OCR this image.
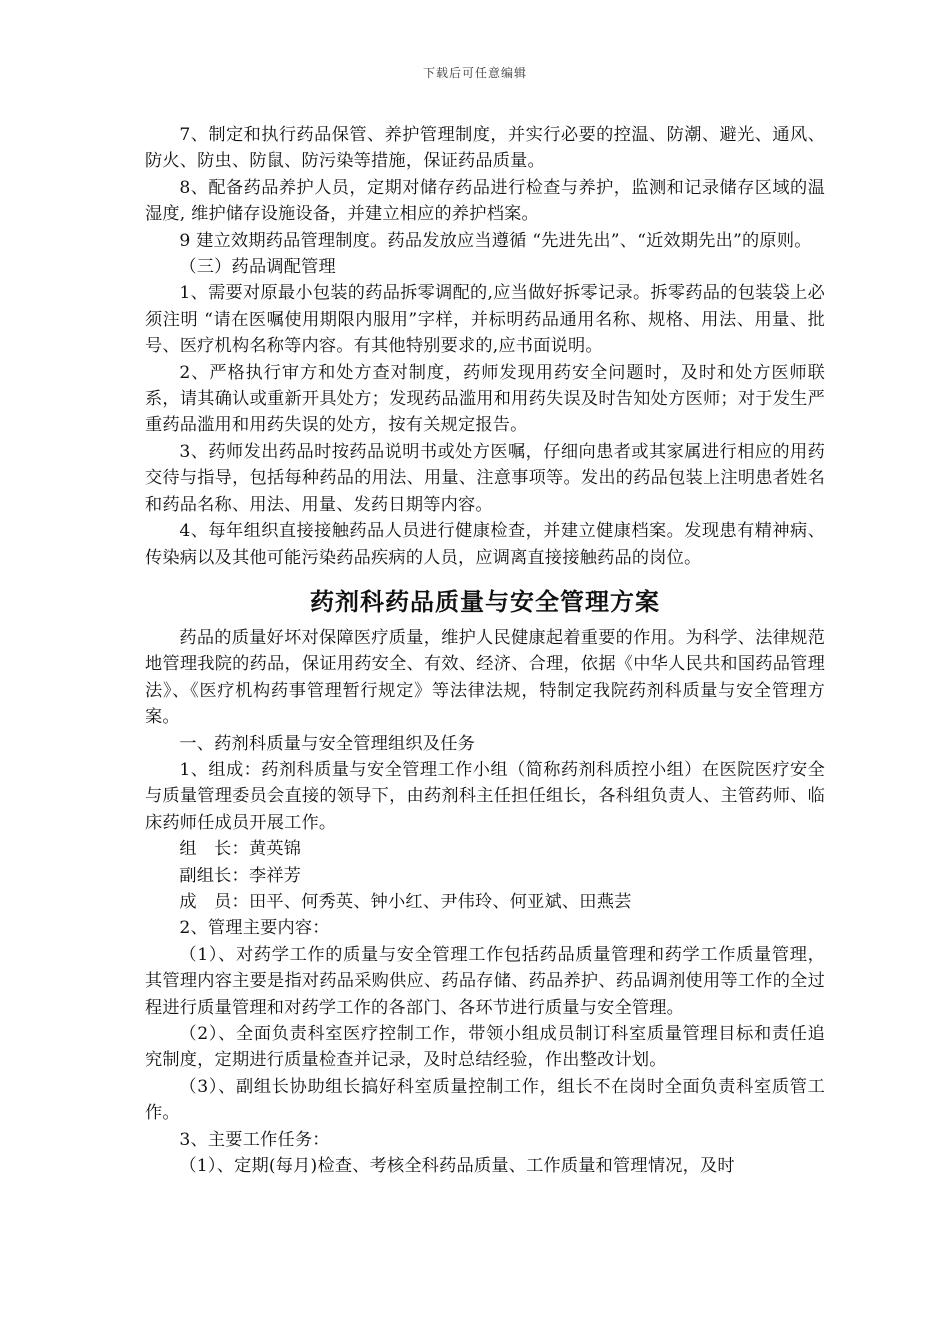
下载后可任意编辑

7、制定和执行药品保管、养护管理制度，并实行必要的控温、防潮、避光、通风、防火、防虫、防鼠、防污染等措施，保证药品质量。

8、配备药品养护人员，定期对储存药品进行检查与养护，监测和记录储存区域的温湿度, 维护储存设施设备，并建立相应的养护档案。

9 建立效期药品管理制度。药品发放应当遵循 “先进先出”、“近效期先出”的原则。

（三）药品调配管理

1、需要对原最小包装的药品拆零调配的,应当做好拆零记录。拆零药品的包装袋上必须注明 “请在医嘱使用期限内服用”字样，并标明药品通用名称、规格、用法、用量、批号、医疗机构名称等内容。有其他特别要求的,应书面说明。

2、严格执行审方和处方查对制度，药师发现用药安全问题时，及时和处方医师联系，请其确认或重新开具处方；发现药品滥用和用药失误及时告知处方医师；对于发生严重药品滥用和用药失误的处方，按有关规定报告。

3、药师发出药品时按药品说明书或处方医嘱，仔细向患者或其家属进行相应的用药交待与指导，包括每种药品的用法、用量、注意事项等。发出的药品包装上注明患者姓名和药品名称、用法、用量、发药日期等内容。

4、每年组织直接接触药品人员进行健康检查，并建立健康档案。发现患有精神病、传染病以及其他可能污染药品疾病的人员，应调离直接接触药品的岗位。

药剂科药品质量与安全管理方案

药品的质量好坏对保障医疗质量，维护人民健康起着重要的作用。为科学、法律规范地管理我院的药品，保证用药安全、有效、经济、合理，依据《中华人民共和国药品管理法》、《医疗机构药事管理暂行规定》等法律法规，特制定我院药剂科质量与安全管理方案。

一、药剂科质量与安全管理组织及任务

1、组成：药剂科质量与安全管理工作小组（简称药剂科质控小组）在医院医疗安全与质量管理委员会直接的领导下，由药剂科主任担任组长，各科组负责人、主管药师、临床药师任成员开展工作。

组　长：黄英锦

副组长：李祥芳

成　员：田平、何秀英、钟小红、尹伟玲、何亚斌、田燕芸

2、管理主要内容：

（1）、对药学工作的质量与安全管理工作包括药品质量管理和药学工作质量管理，其管理内容主要是指对药品采购供应、药品存储、药品养护、药品调剂使用等工作的全过程进行质量管理和对药学工作的各部门、各环节进行质量与安全管理。

（2）、全面负责科室医疗控制工作，带领小组成员制订科室质量管理目标和责任追究制度，定期进行质量检查并记录，及时总结经验，作出整改计划。

（3）、副组长协助组长搞好科室质量控制工作，组长不在岗时全面负责科室质管工作。

3、主要工作任务：

（1）、定期(每月)检查、考核全科药品质量、工作质量和管理情况，及时
